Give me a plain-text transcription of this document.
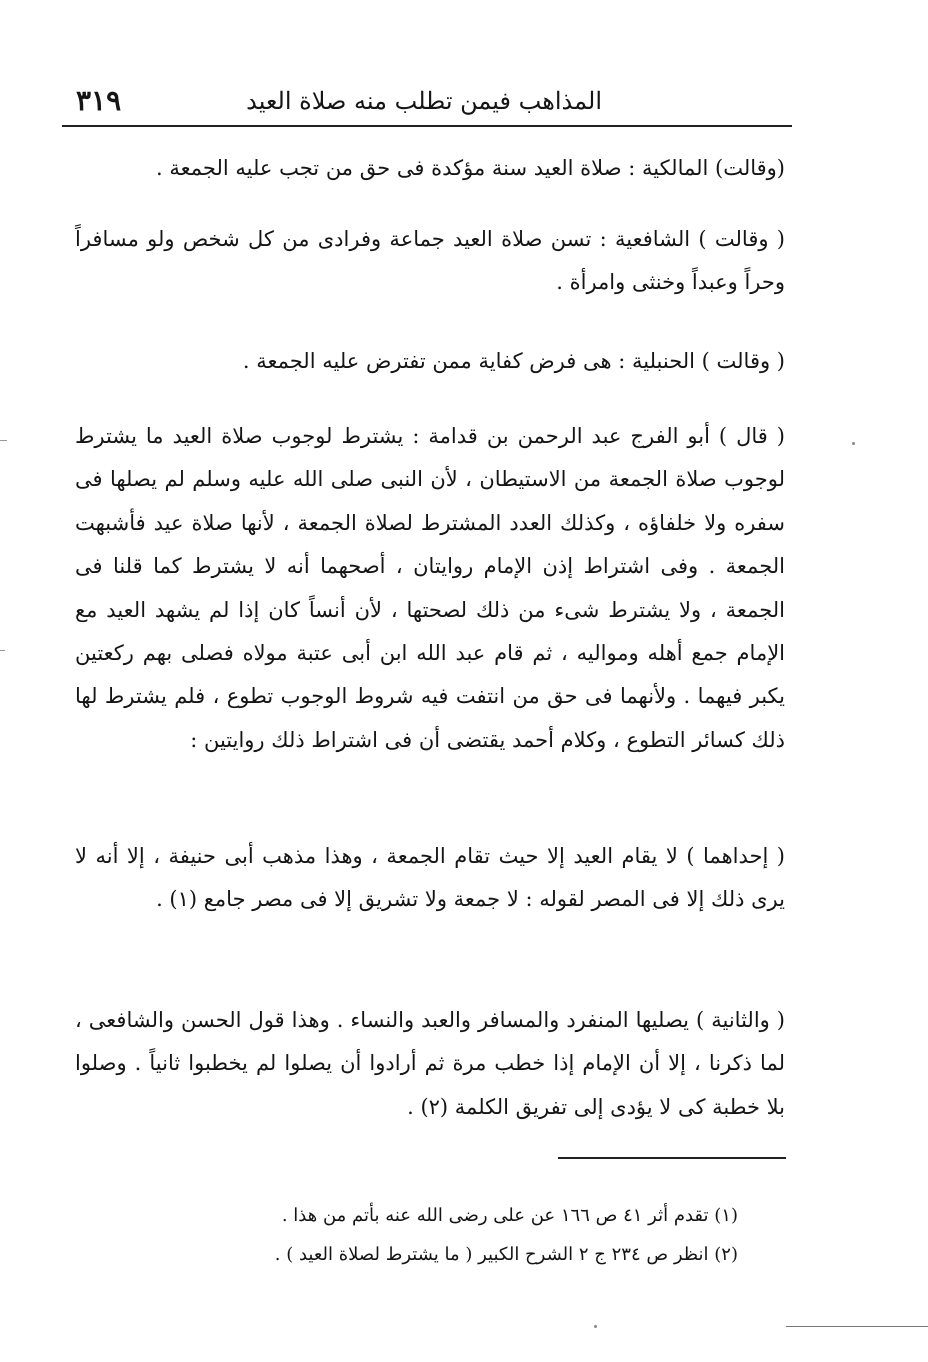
٣١٩	المذاهب فيمن تطلب منه صلاة العيد

(وقالت) المالكية : صلاة العيد سنة مؤكدة فى حق من تجب عليه الجمعة .

( وقالت ) الشافعية : تسن صلاة العيد جماعة وفرادى من كل شخص ولو مسافراً وحراً وعبداً وخنثى وامرأة .

( وقالت ) الحنبلية : هى فرض كفاية ممن تفترض عليه الجمعة .

( قال ) أبو الفرج عبد الرحمن بن قدامة : يشترط لوجوب صلاة العيد ما يشترط لوجوب صلاة الجمعة من الاستيطان ، لأن النبى صلى الله عليه وسلم لم يصلها فى سفره ولا خلفاؤه ، وكذلك العدد المشترط لصلاة الجمعة ، لأنها صلاة عيد فأشبهت الجمعة . وفى اشتراط إذن الإمام روايتان ، أصحهما أنه لا يشترط كما قلنا فى الجمعة ، ولا يشترط شىء من ذلك لصحتها ، لأن أنساً كان إذا لم يشهد العيد مع الإمام جمع أهله ومواليه ، ثم قام عبد الله ابن أبى عتبة مولاه فصلى بهم ركعتين يكبر فيهما . ولأنهما فى حق من انتفت فيه شروط الوجوب تطوع ، فلم يشترط لها ذلك كسائر التطوع ، وكلام أحمد يقتضى أن فى اشتراط ذلك روايتين :

( إحداهما ) لا يقام العيد إلا حيث تقام الجمعة ، وهذا مذهب أبى حنيفة ، إلا أنه لا يرى ذلك إلا فى المصر لقوله : لا جمعة ولا تشريق إلا فى مصر جامع (١) .

( والثانية ) يصليها المنفرد والمسافر والعبد والنساء . وهذا قول الحسن والشافعى ، لما ذكرنا ، إلا أن الإمام إذا خطب مرة ثم أرادوا أن يصلوا لم يخطبوا ثانياً . وصلوا بلا خطبة كى لا يؤدى إلى تفريق الكلمة (٢) .

(١) تقدم أثر ٤١ ص ١٦٦ عن على رضى الله عنه بأتم من هذا .
(٢) انظر ص ٢٣٤ ج ٢ الشرح الكبير ( ما يشترط لصلاة العيد ) .
